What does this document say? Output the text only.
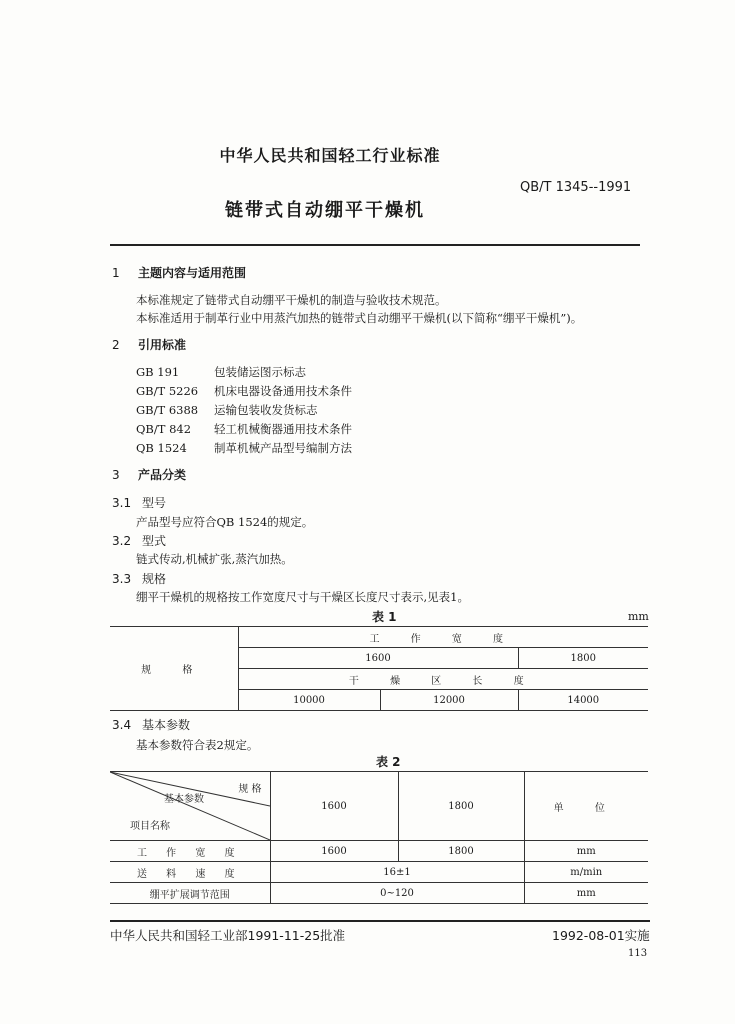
中华人民共和国轻工行业标准
QB/T 1345--1991
链带式自动绷平干燥机
1 主题内容与适用范围
本标准规定了链带式自动绷平干燥机的制造与验收技术规范。
本标准适用于制革行业中用蒸汽加热的链带式自动绷平干燥机(以下简称“绷平干燥机”)。
2 引用标准
GB 191	包装储运图示标志
GB/T 5226 机床电器设备通用技术条件
GB/T 6388 运输包装收发货标志
QB/T 842 轻工机械衡器通用技术条件
QB 1524 制革机械产品型号编制方法
3 产品分类
3.1 型号
产品型号应符合QB 1524的规定。
3.2 型式
链式传动,机械扩张,蒸汽加热。
3.3 规格
绷平干燥机的规格按工作宽度尺寸与干燥区长度尺寸表示,见表1。
表 1	mm
规 格	工 作 宽 度		
	1600		1800
	干 燥 区 长 度		
	10000	12000	14000
3.4 基本参数
基本参数符合表2规定。
表 2
规 格
基本参数
项目名称	1600	1800	单 位
工 作 宽 度	1600	1800	mm
送 料 速 度	16±1		m/min
绷平扩展调节范围	0~120		mm
中华人民共和国轻工业部1991-11-25批准	1992-08-01实施
113
